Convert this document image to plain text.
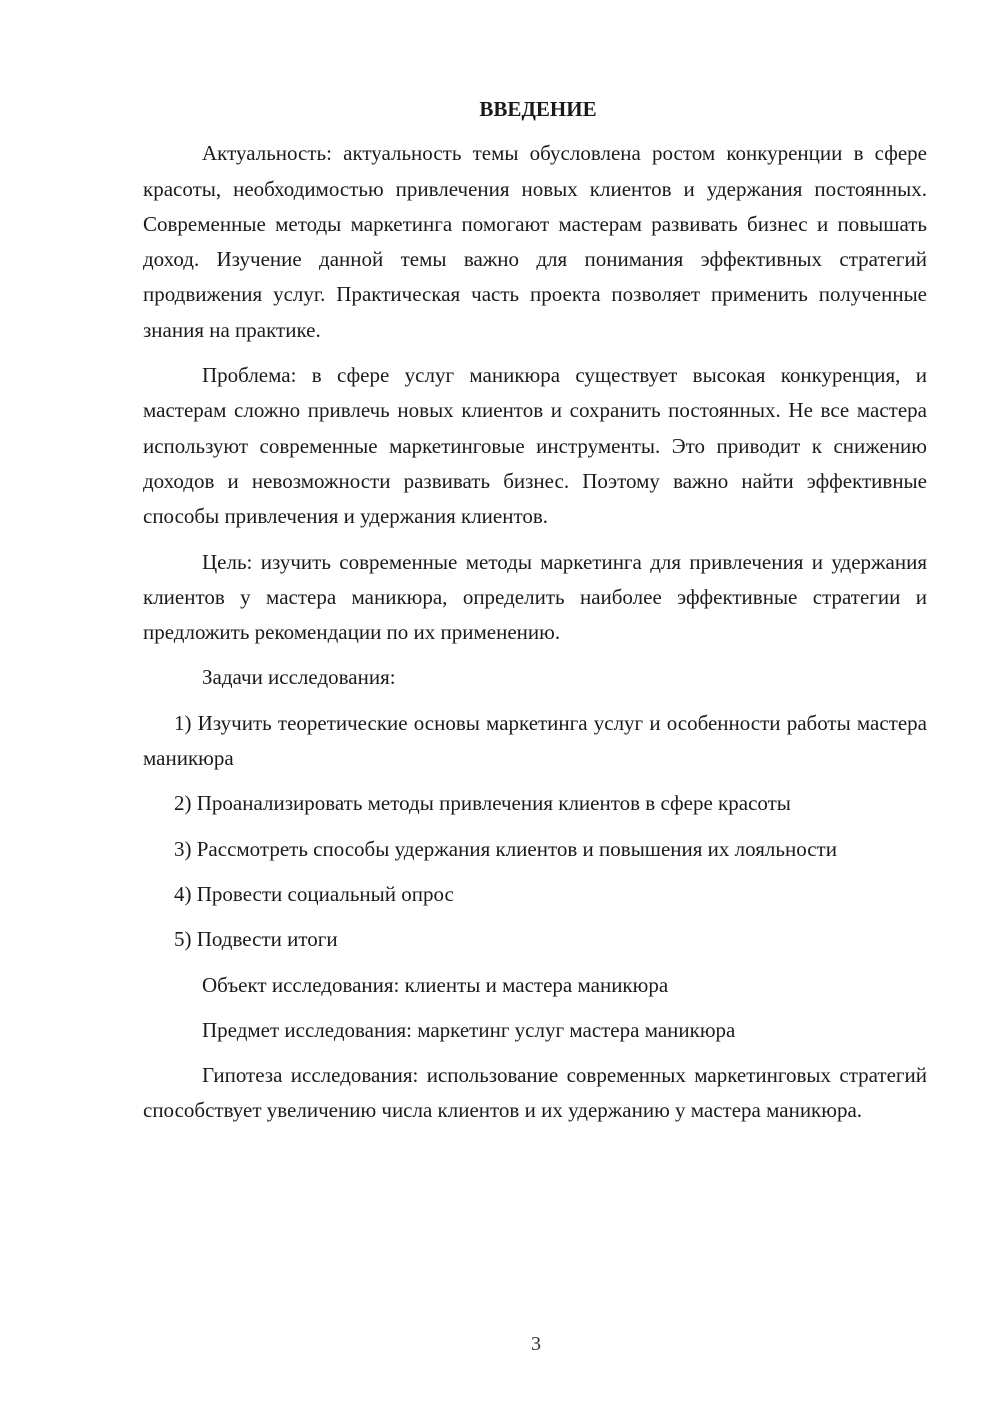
ВВЕДЕНИЕ

Актуальность: актуальность темы обусловлена ростом конкуренции в сфере красоты, необходимостью привлечения новых клиентов и удержания постоянных. Современные методы маркетинга помогают мастерам развивать бизнес и повышать доход. Изучение данной темы важно для понимания эффективных стратегий продвижения услуг. Практическая часть проекта позволяет применить полученные знания на практике.

Проблема: в сфере услуг маникюра существует высокая конкуренция, и мастерам сложно привлечь новых клиентов и сохранить постоянных. Не все мастера используют современные маркетинговые инструменты. Это приводит к снижению доходов и невозможности развивать бизнес. Поэтому важно найти эффективные способы привлечения и удержания клиентов.

Цель: изучить современные методы маркетинга для привлечения и удержания клиентов у мастера маникюра, определить наиболее эффективные стратегии и предложить рекомендации по их применению.

Задачи исследования:

1) Изучить теоретические основы маркетинга услуг и особенности работы мастера маникюра

2) Проанализировать методы привлечения клиентов в сфере красоты

3) Рассмотреть способы удержания клиентов и повышения их лояльности

4) Провести социальный опрос

5) Подвести итоги

Объект исследования: клиенты и мастера маникюра

Предмет исследования: маркетинг услуг мастера маникюра

Гипотеза исследования: использование современных маркетинговых стратегий способствует увеличению числа клиентов и их удержанию у мастера маникюра.

3
